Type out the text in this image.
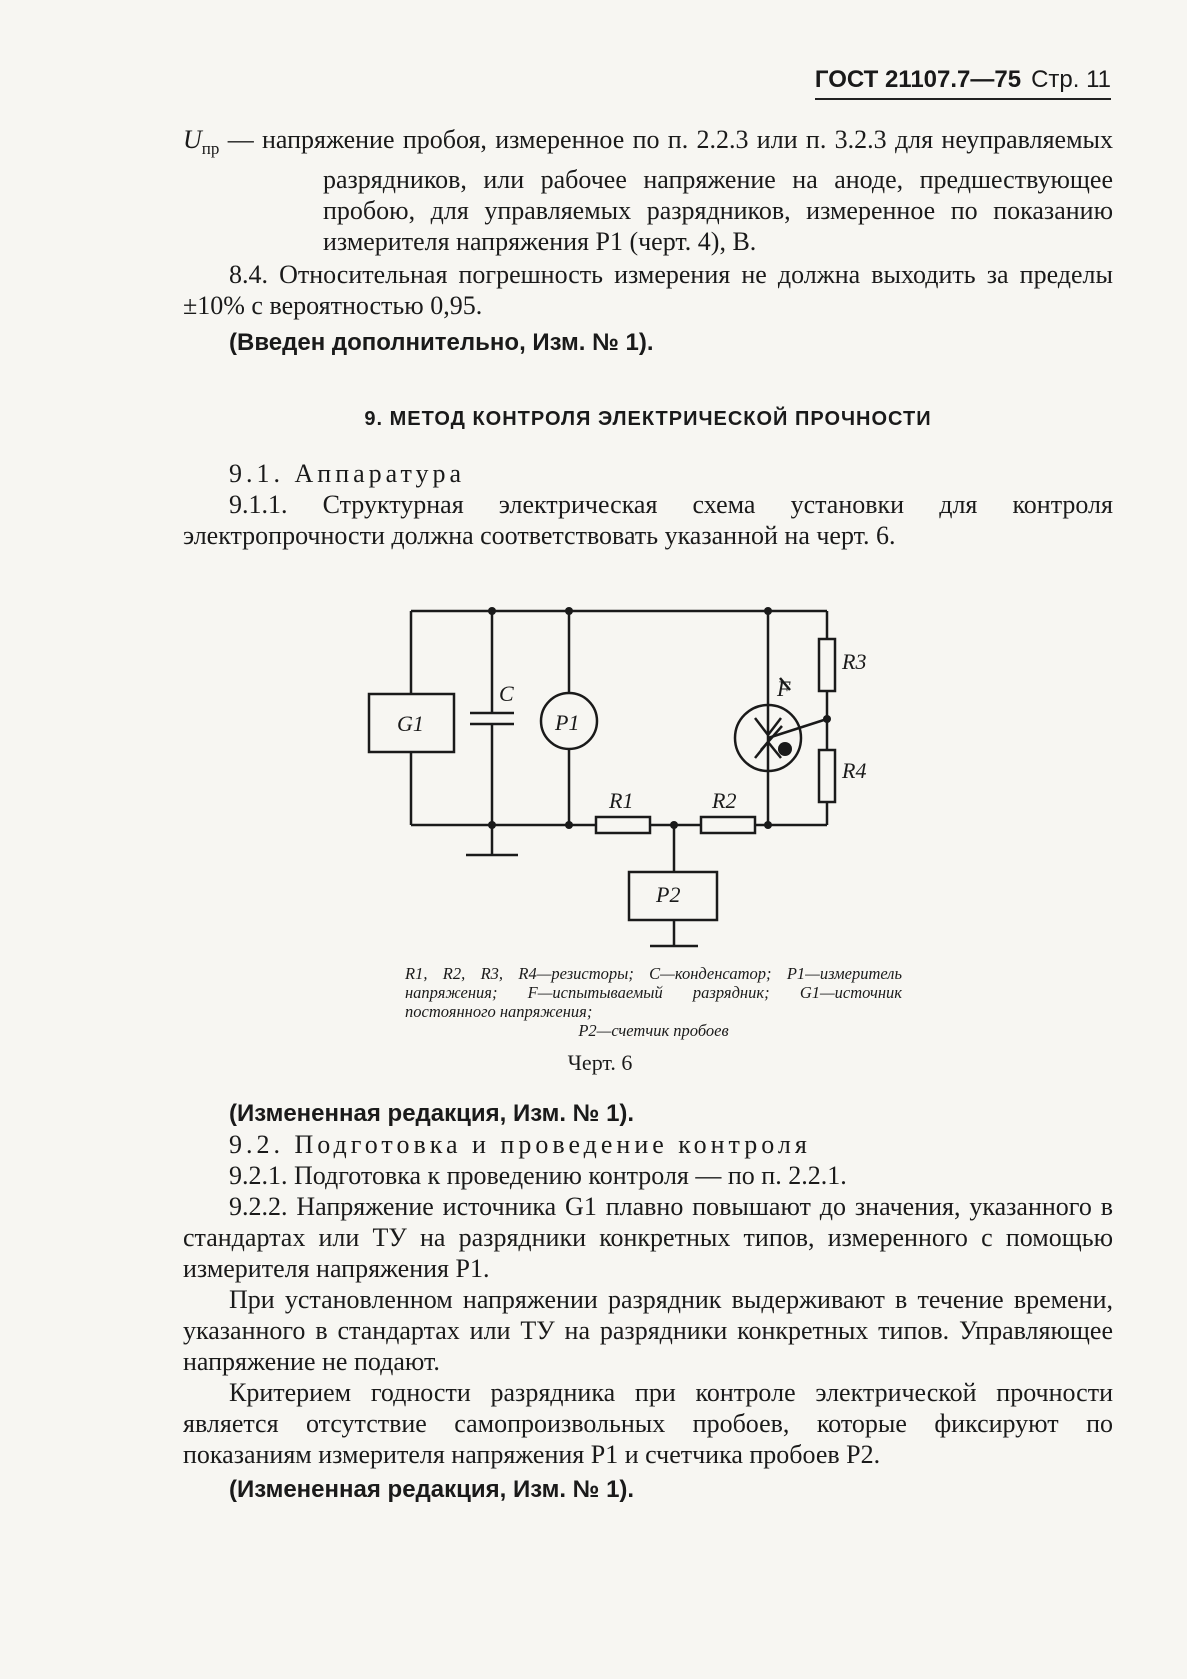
ГОСТ 21107.7—75 Стр. 11
$U_{пр}$ — напряжение пробоя, измеренное по п. 2.2.3 или п. 3.2.3 для неуправляемых разрядников, или рабочее напряжение на аноде, предшествующее пробою, для управляемых разрядников, измеренное по показанию измерителя напряжения P1 (черт. 4), В.
8.4. Относительная погрешность измерения не должна выходить за пределы ±10% с вероятностью 0,95.
(Введен дополнительно, Изм. № 1).
9. МЕТОД КОНТРОЛЯ ЭЛЕКТРИЧЕСКОЙ ПРОЧНОСТИ
9.1. Аппаратура
9.1.1. Структурная электрическая схема установки для контроля электропрочности должна соответствовать указанной на черт. 6.
G1
C
P1
F
R1	R2
R3
R4
P2
R1, R2, R3, R4—резисторы; C—конденсатор; P1—измеритель напряжения; F—испытываемый разрядник; G1—источник постоянного напряжения;
P2—счетчик пробоев
Черт. 6
(Измененная редакция, Изм. № 1).
9.2. Подготовка и проведение контроля
9.2.1. Подготовка к проведению контроля — по п. 2.2.1.
9.2.2. Напряжение источника G1 плавно повышают до значения, указанного в стандартах или ТУ на разрядники конкретных типов, измеренного с помощью измерителя напряжения P1.
При установленном напряжении разрядник выдерживают в течение времени, указанного в стандартах или ТУ на разрядники конкретных типов. Управляющее напряжение не подают.
Критерием годности разрядника при контроле электрической прочности является отсутствие самопроизвольных пробоев, которые фиксируют по показаниям измерителя напряжения P1 и счетчика пробоев P2.
(Измененная редакция, Изм. № 1).
